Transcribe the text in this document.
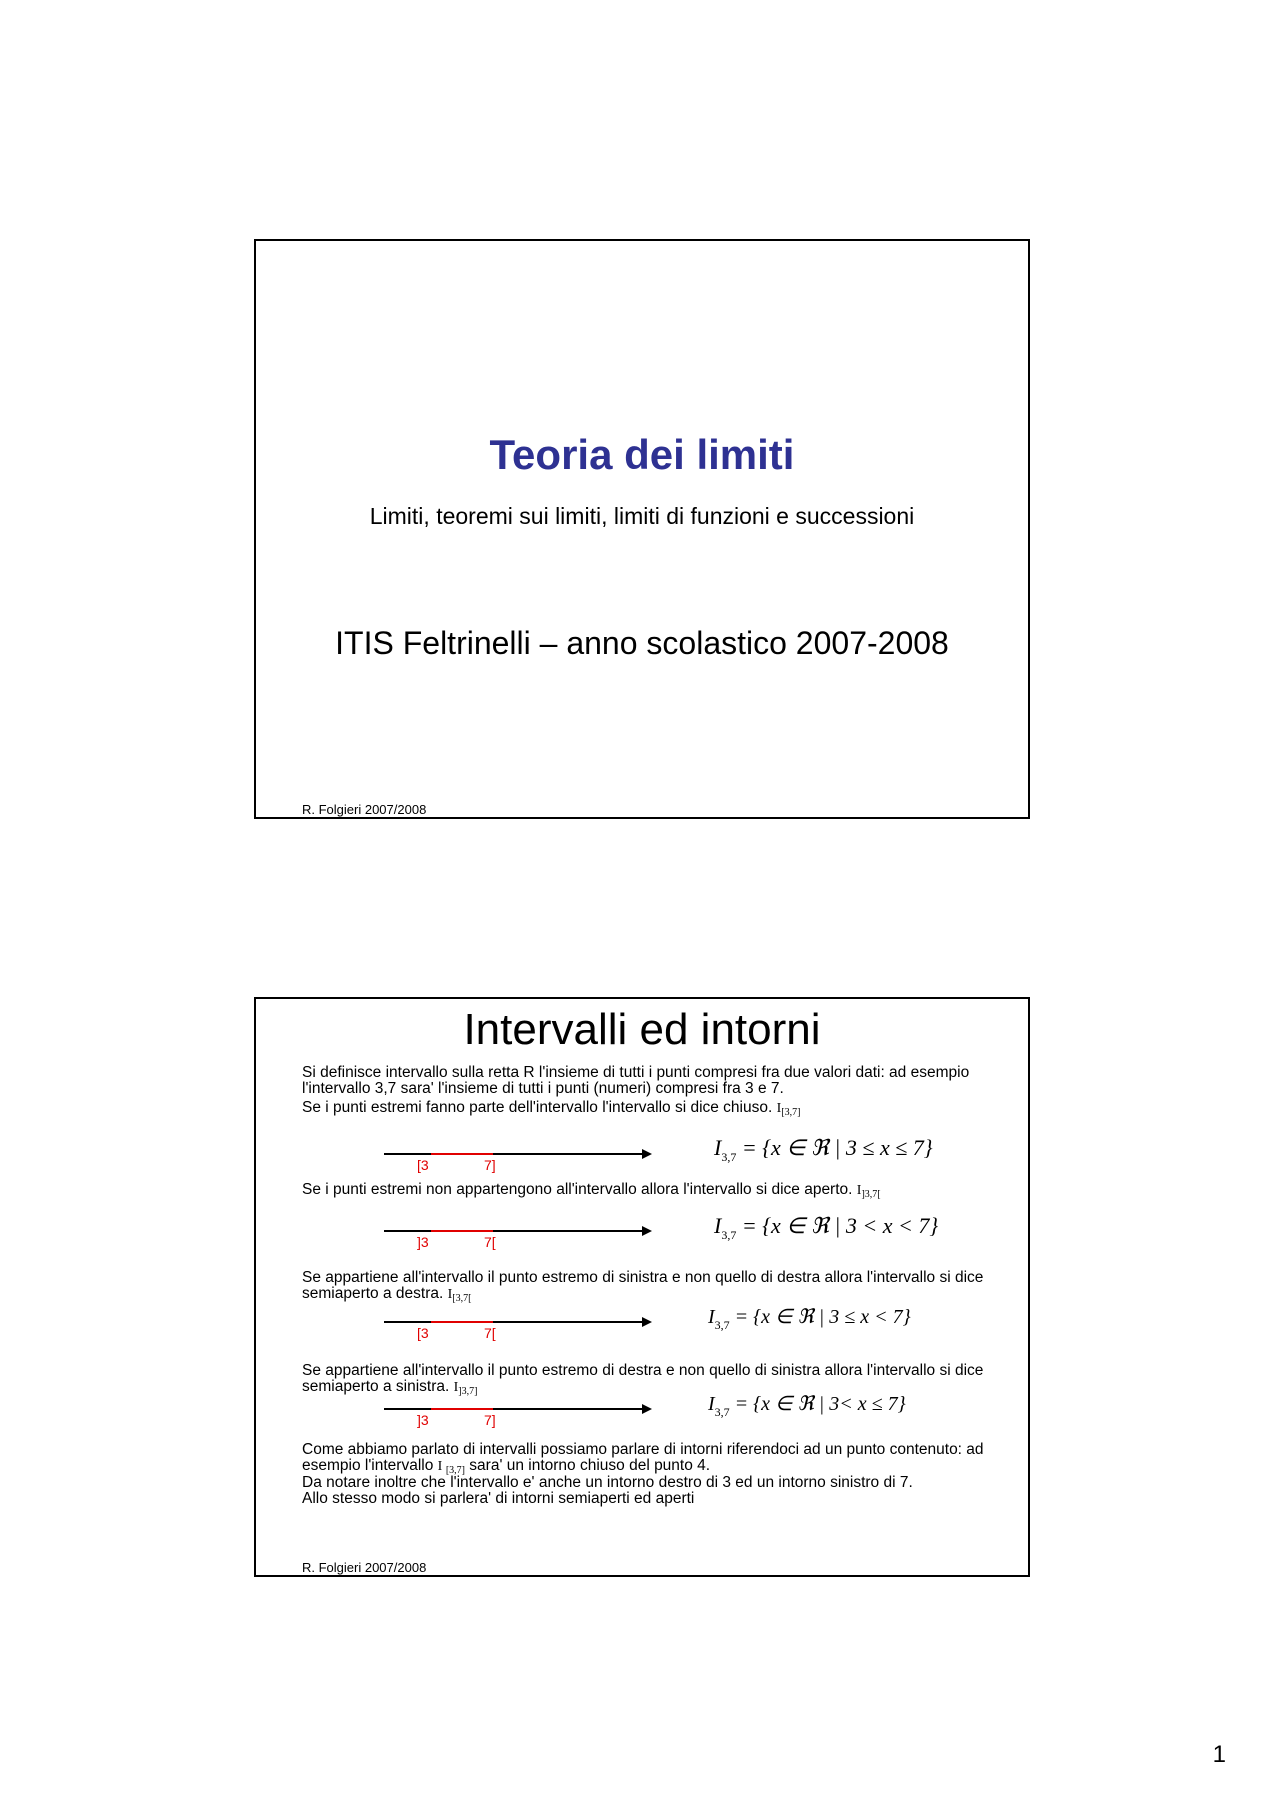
Teoria dei limiti
Limiti, teoremi sui limiti, limiti di funzioni e successioni
ITIS Feltrinelli – anno scolastico 2007-2008
R. Folgieri 2007/2008
Intervalli ed intorni
Si definisce intervallo sulla retta R l'insieme di tutti i punti compresi fra due valori dati: ad esempio l'intervallo 3,7 sara' l'insieme di tutti i punti (numeri) compresi fra 3 e 7.
Se i punti estremi fanno parte dell'intervallo l'intervallo si dice chiuso. $I_{[3,7]}$
[3	7]
$I_{3,7} = \{x$ ∈ ℜ | 3 ≤ x ≤ 7}
Se i punti estremi non appartengono all'intervallo allora l'intervallo si dice aperto. $I_{]3,7[}$
]3	7[
$I_{3,7} = \{x$ ∈ ℜ | 3 < x < 7}
Se appartiene all'intervallo il punto estremo di sinistra e non quello di destra allora l'intervallo si dice semiaperto a destra. $I_{[3,7[}$
[3	7[
$I_{3,7} = \{x$ ∈ ℜ | 3 ≤ x < 7}
Se appartiene all'intervallo il punto estremo di destra e non quello di sinistra allora l'intervallo si dice semiaperto a sinistra. $I_{]3,7]}$
]3	7]
$I_{3,7} = \{x$ ∈ ℜ | 3< x ≤ 7}
Come abbiamo parlato di intervalli possiamo parlare di intorni riferendoci ad un punto contenuto: ad esempio l'intervallo I $_{[3,7]}$ sara' un intorno chiuso del punto 4.
Da notare inoltre che l'intervallo e' anche un intorno destro di 3 ed un intorno sinistro di 7.
Allo stesso modo si parlera' di intorni semiaperti ed aperti
R. Folgieri 2007/2008
1
